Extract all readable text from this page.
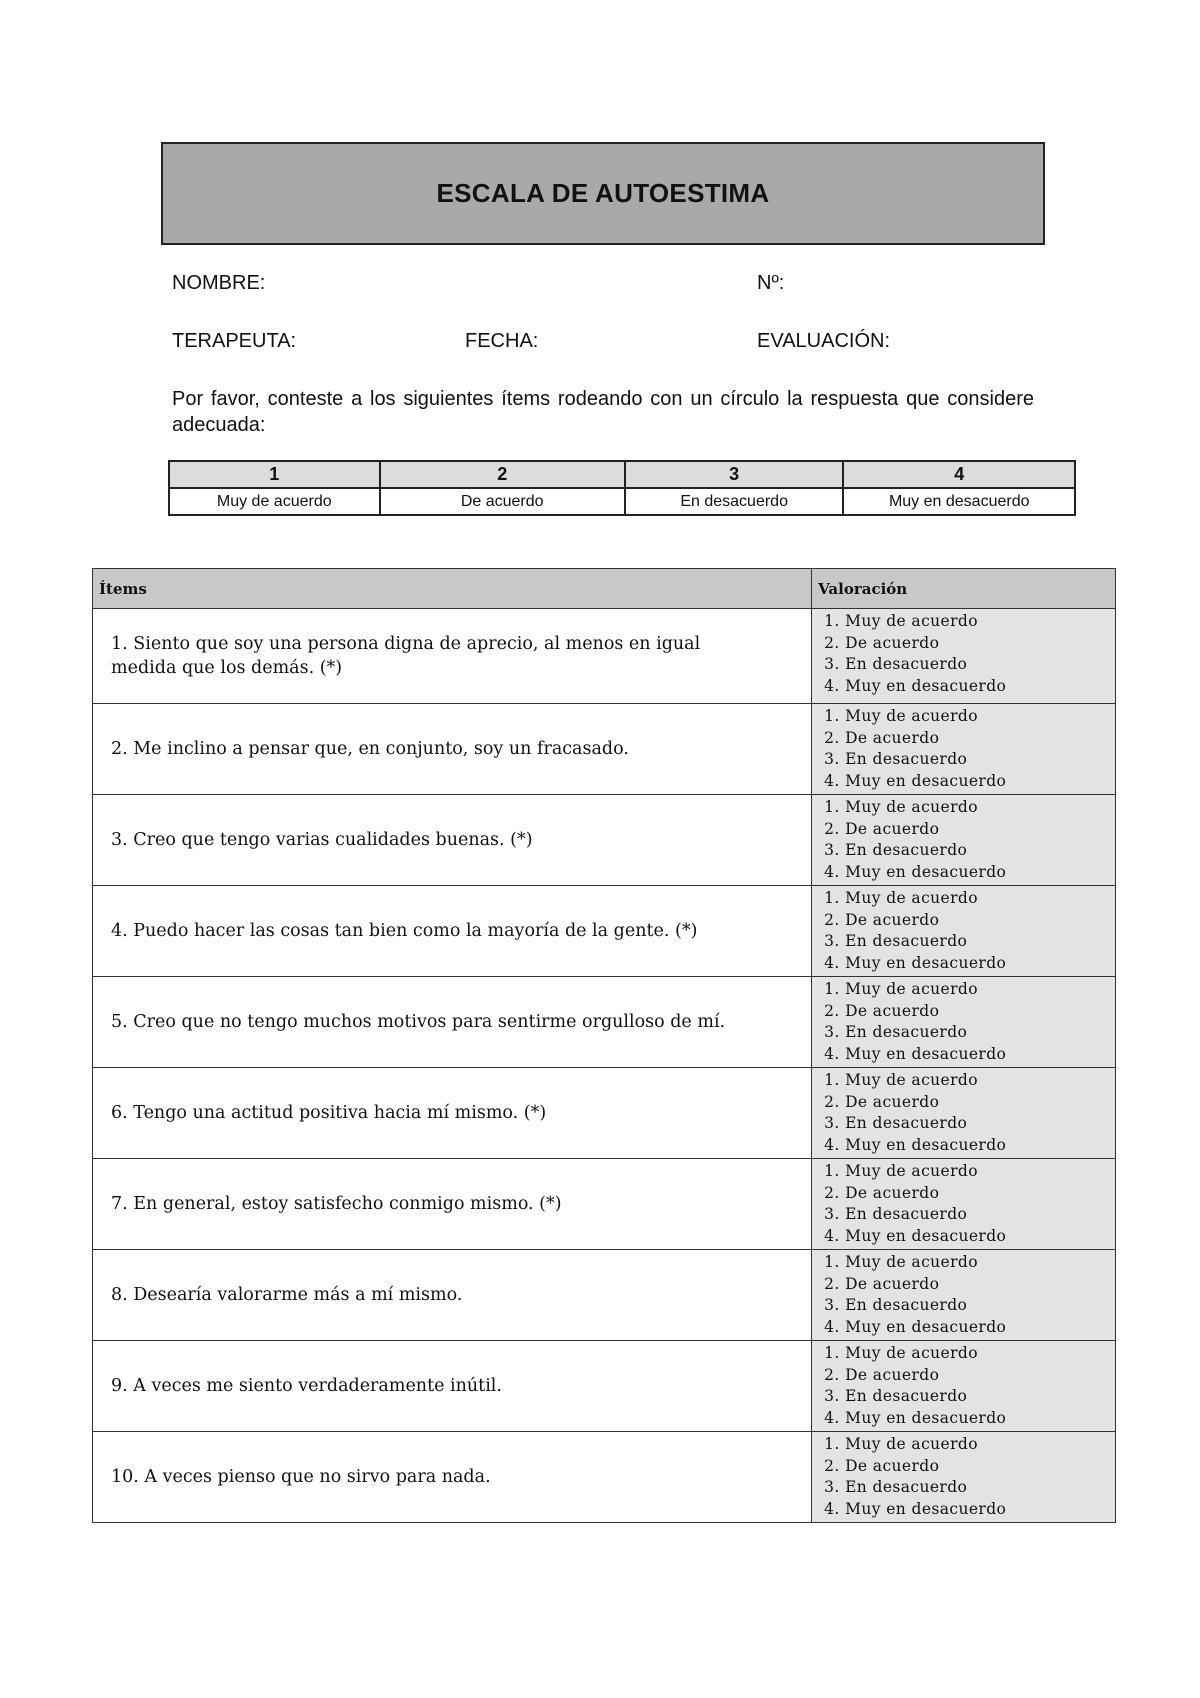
ESCALA DE AUTOESTIMA
NOMBRE:	Nº:
TERAPEUTA:	FECHA:	EVALUACIÓN:
Por favor, conteste a los siguientes ítems rodeando con un círculo la respuesta que considere adecuada:
1	2	3	4
Muy de acuerdo	De acuerdo	En desacuerdo	Muy en desacuerdo
Ítems	Valoración

1. Siento que soy una persona digna de aprecio, al menos en igual medida que los demás. (*)	1. Muy de acuerdo
2. De acuerdo
3. En desacuerdo
4. Muy en desacuerdo

2. Me inclino a pensar que, en conjunto, soy un fracasado.	1. Muy de acuerdo
2. De acuerdo
3. En desacuerdo
4. Muy en desacuerdo

3. Creo que tengo varias cualidades buenas. (*)	1. Muy de acuerdo
2. De acuerdo
3. En desacuerdo
4. Muy en desacuerdo

4. Puedo hacer las cosas tan bien como la mayoría de la gente. (*)	1. Muy de acuerdo
2. De acuerdo
3. En desacuerdo
4. Muy en desacuerdo

5. Creo que no tengo muchos motivos para sentirme orgulloso de mí.	1. Muy de acuerdo
2. De acuerdo
3. En desacuerdo
4. Muy en desacuerdo

6. Tengo una actitud positiva hacia mí mismo. (*)	1. Muy de acuerdo
2. De acuerdo
3. En desacuerdo
4. Muy en desacuerdo

7. En general, estoy satisfecho conmigo mismo. (*)	1. Muy de acuerdo
2. De acuerdo
3. En desacuerdo
4. Muy en desacuerdo

8. Desearía valorarme más a mí mismo.	1. Muy de acuerdo
2. De acuerdo
3. En desacuerdo
4. Muy en desacuerdo

9. A veces me siento verdaderamente inútil.	1. Muy de acuerdo
2. De acuerdo
3. En desacuerdo
4. Muy en desacuerdo

10. A veces pienso que no sirvo para nada.	1. Muy de acuerdo
2. De acuerdo
3. En desacuerdo
4. Muy en desacuerdo
